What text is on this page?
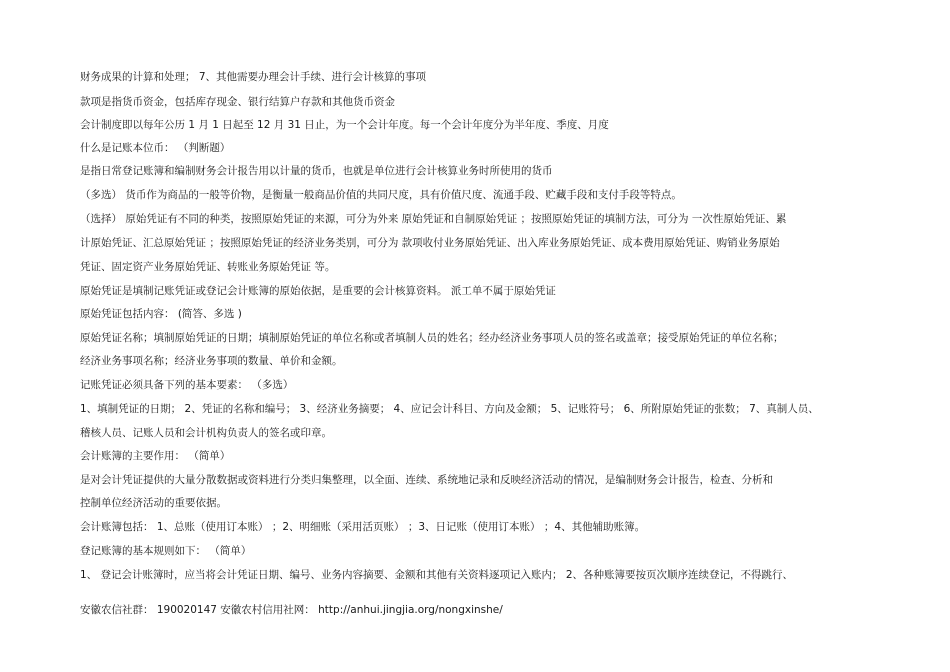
财务成果的计算和处理； 7、其他需要办理会计手续、进行会计核算的事项
款项是指货币资金，包括库存现金、银行结算户存款和其他货币资金
会计制度即以每年公历 1 月 1 日起至 12 月 31 日止，为一个会计年度。每一个会计年度分为半年度、季度、月度
什么是记账本位币： （判断题）
是指日常登记账簿和编制财务会计报告用以计量的货币，也就是单位进行会计核算业务时所使用的货币
（多选） 货币作为商品的一般等价物，是衡量一般商品价值的共同尺度，具有价值尺度、流通手段、贮藏手段和支付手段等特点。
（选择） 原始凭证有不同的种类，按照原始凭证的来源，可分为外来 原始凭证和自制原始凭证 ；按照原始凭证的填制方法，可分为 一次性原始凭证、累
计原始凭证、汇总原始凭证 ；按照原始凭证的经济业务类别，可分为 款项收付业务原始凭证、出入库业务原始凭证、成本费用原始凭证、购销业务原始
凭证、固定资产业务原始凭证、转账业务原始凭证 等。
原始凭证是填制记账凭证或登记会计账簿的原始依据，是重要的会计核算资料。 派工单不属于原始凭证
原始凭证包括内容： (简答、多选 )
原始凭证名称；填制原始凭证的日期；填制原始凭证的单位名称或者填制人员的姓名；经办经济业务事项人员的签名或盖章；接受原始凭证的单位名称；
经济业务事项名称；经济业务事项的数量、单价和金额。
记账凭证必须具备下列的基本要素： （多选）
1、填制凭证的日期； 2、凭证的名称和编号； 3、经济业务摘要； 4、应记会计科目、方向及金额； 5、记账符号； 6、所附原始凭证的张数； 7、真制人员、
稽核人员、记账人员和会计机构负责人的签名或印章。
会计账簿的主要作用： （简单）
是对会计凭证提供的大量分散数据或资料进行分类归集整理，以全面、连续、系统地记录和反映经济活动的情况，是编制财务会计报告，检查、分析和
控制单位经济活动的重要依据。
会计账簿包括： 1、总账（使用订本账） ；2、明细账（采用活页账） ；3、日记账（使用订本账） ；4、其他辅助账簿。
登记账簿的基本规则如下： （简单）
1、 登记会计账簿时，应当将会计凭证日期、编号、业务内容摘要、金额和其他有关资料逐项记入账内； 2、各种账簿要按页次顺序连续登记，不得跳行、
安徽农信社群： 190020147 安徽农村信用社网： http://anhui.jingjia.org/nongxinshe/
